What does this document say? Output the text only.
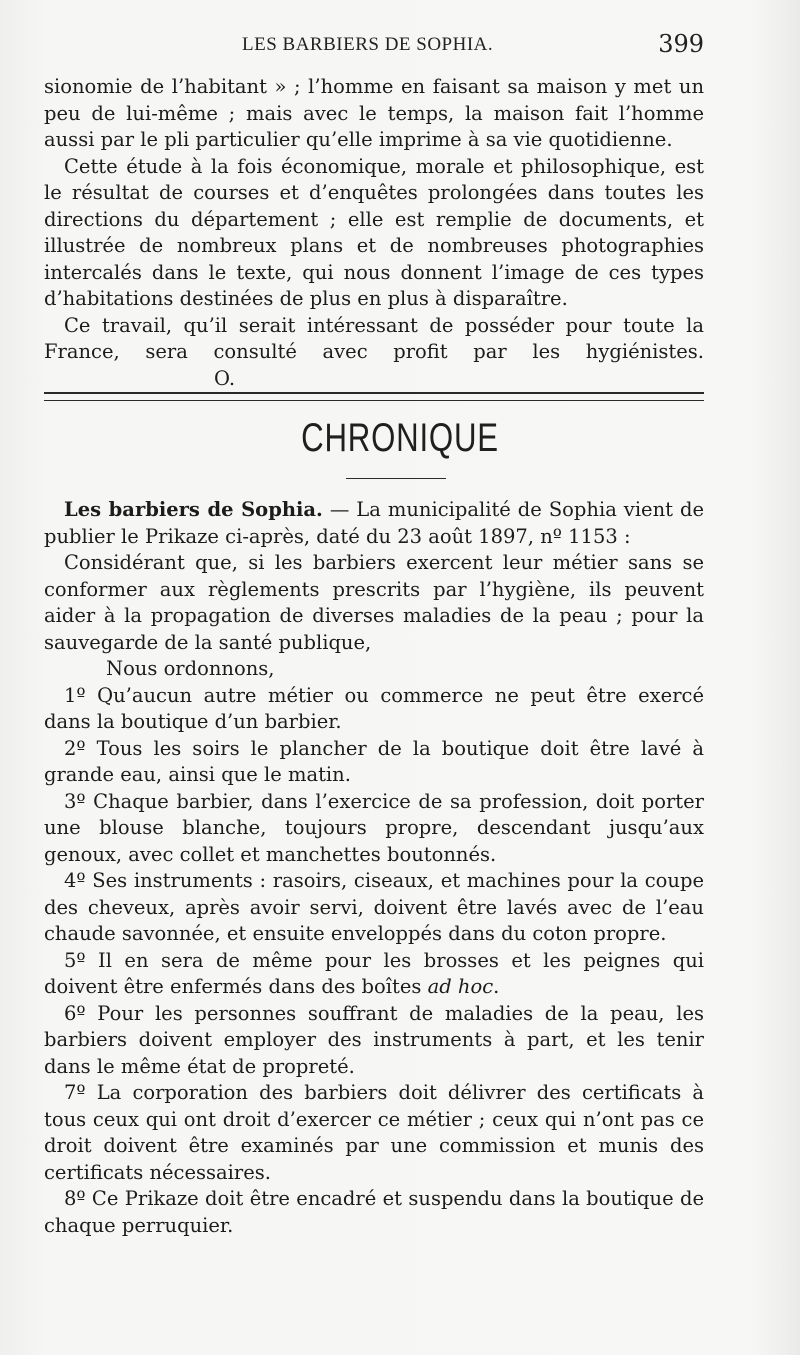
LES BARBIERS DE SOPHIA.	399

sionomie de l’habitant » ; l’homme en faisant sa maison y met un peu de lui-même ; mais avec le temps, la maison fait l’homme aussi par le pli particulier qu’elle imprime à sa vie quotidienne.

Cette étude à la fois économique, morale et philosophique, est le résultat de courses et d’enquêtes prolongées dans toutes les directions du département ; elle est remplie de documents, et illustrée de nombreux plans et de nombreuses photographies intercalés dans le texte, qui nous donnent l’image de ces types d’habitations destinées de plus en plus à disparaître.

Ce travail, qu’il serait intéressant de posséder pour toute la France, sera consulté avec profit par les hygiénistes.O.

CHRONIQUE

Les barbiers de Sophia. — La municipalité de Sophia vient de publier le Prikaze ci-après, daté du 23 août 1897, nº 1153 :

Considérant que, si les barbiers exercent leur métier sans se conformer aux règlements prescrits par l’hygiène, ils peuvent aider à la propagation de diverses maladies de la peau ; pour la sauvegarde de la santé publique,

Nous ordonnons,

1º Qu’aucun autre métier ou commerce ne peut être exercé dans la boutique d’un barbier.

2º Tous les soirs le plancher de la boutique doit être lavé à grande eau, ainsi que le matin.

3º Chaque barbier, dans l’exercice de sa profession, doit porter une blouse blanche, toujours propre, descendant jusqu’aux genoux, avec collet et manchettes boutonnés.

4º Ses instruments : rasoirs, ciseaux, et machines pour la coupe des cheveux, après avoir servi, doivent être lavés avec de l’eau chaude savonnée, et ensuite enveloppés dans du coton propre.

5º Il en sera de même pour les brosses et les peignes qui doivent être enfermés dans des boîtes ad hoc.

6º Pour les personnes souffrant de maladies de la peau, les barbiers doivent employer des instruments à part, et les tenir dans le même état de propreté.

7º La corporation des barbiers doit délivrer des certificats à tous ceux qui ont droit d’exercer ce métier ; ceux qui n’ont pas ce droit doivent être examinés par une commission et munis des certificats nécessaires.

8º Ce Prikaze doit être encadré et suspendu dans la boutique de chaque perruquier.
